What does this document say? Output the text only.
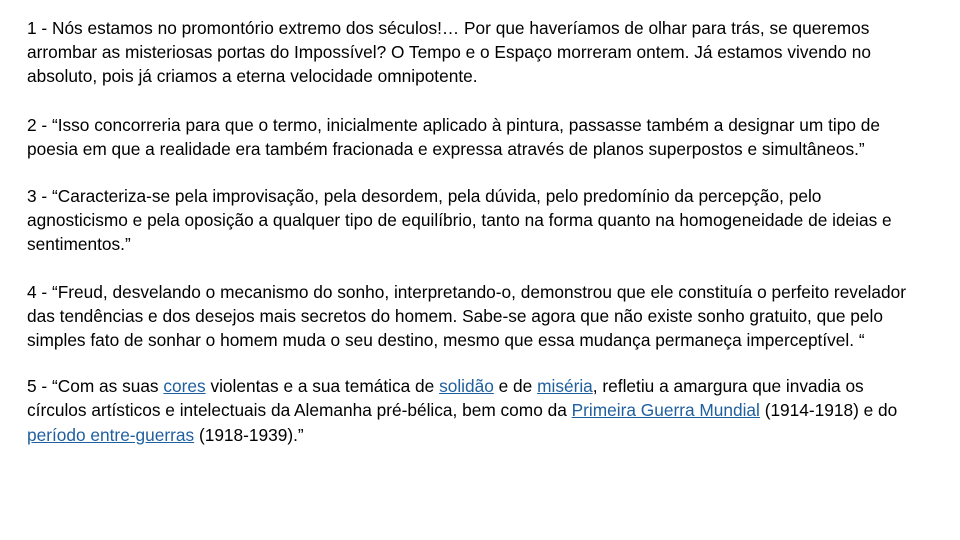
1 - Nós estamos no promontório extremo dos séculos!… Por que haveríamos de olhar para trás, se queremos arrombar as misteriosas portas do Impossível? O Tempo e o Espaço morreram ontem. Já estamos vivendo no absoluto, pois já criamos a eterna velocidade omnipotente.

2 - “Isso concorreria para que o termo, inicialmente aplicado à pintura, passasse também a designar um tipo de poesia em que a realidade era também fracionada e expressa através de planos superpostos e simultâneos.”

3 - “Caracteriza-se pela improvisação, pela desordem, pela dúvida, pelo predomínio da percepção, pelo agnosticismo e pela oposição a qualquer tipo de equilíbrio, tanto na forma quanto na homogeneidade de ideias e sentimentos.”

4 - “Freud, desvelando o mecanismo do sonho, interpretando-o, demonstrou que ele constituía o perfeito revelador das tendências e dos desejos mais secretos do homem. Sabe-se agora que não existe sonho gratuito, que pelo simples fato de sonhar o homem muda o seu destino, mesmo que essa mudança permaneça imperceptível. “

5 - “Com as suas cores violentas e a sua temática de solidão e de miséria, refletiu a amargura que invadia os círculos artísticos e intelectuais da Alemanha pré-bélica, bem como da Primeira Guerra Mundial (1914-1918) e do período entre-guerras (1918-1939).”
